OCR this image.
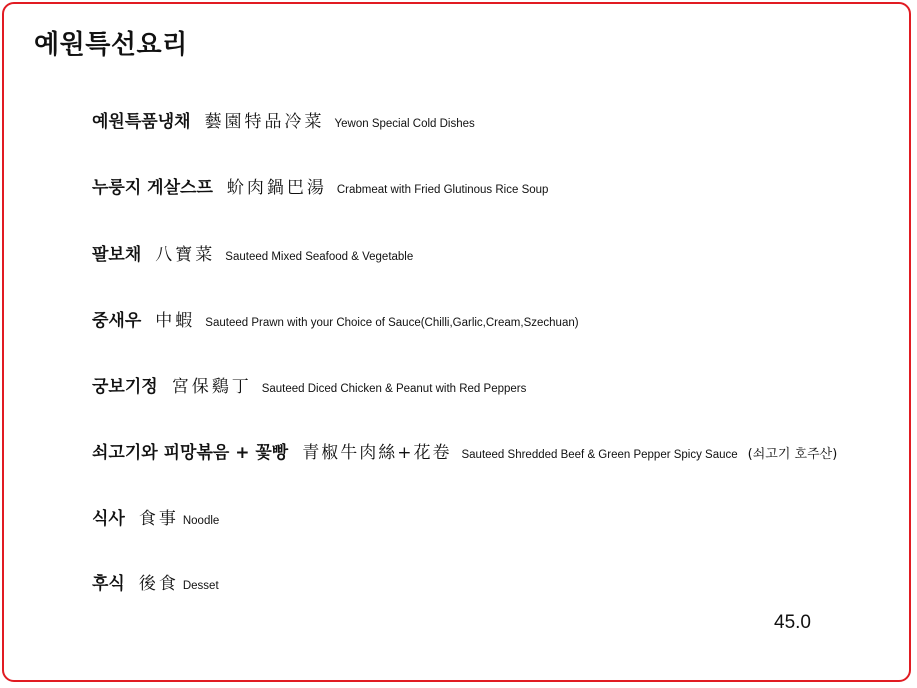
예원특선요리
예원특품냉채 藝園特品冷菜 Yewon Special Cold Dishes
누룽지 게살스프 蚧肉鍋巴湯 Crabmeat with Fried Glutinous Rice Soup
팔보채 八寶菜 Sauteed Mixed Seafood & Vegetable
중새우 中蝦 Sauteed Prawn with your Choice of Sauce(Chilli,Garlic,Cream,Szechuan)
궁보기정 宮保鷄丁 Sauteed Diced Chicken & Peanut with Red Peppers
쇠고기와 피망볶음 + 꽃빵 青椒牛肉絲+花卷 Sauteed Shredded Beef & Green Pepper Spicy Sauce (쇠고기 호주산)
식사 食事 Noodle
후식 後食 Desset
45.0
